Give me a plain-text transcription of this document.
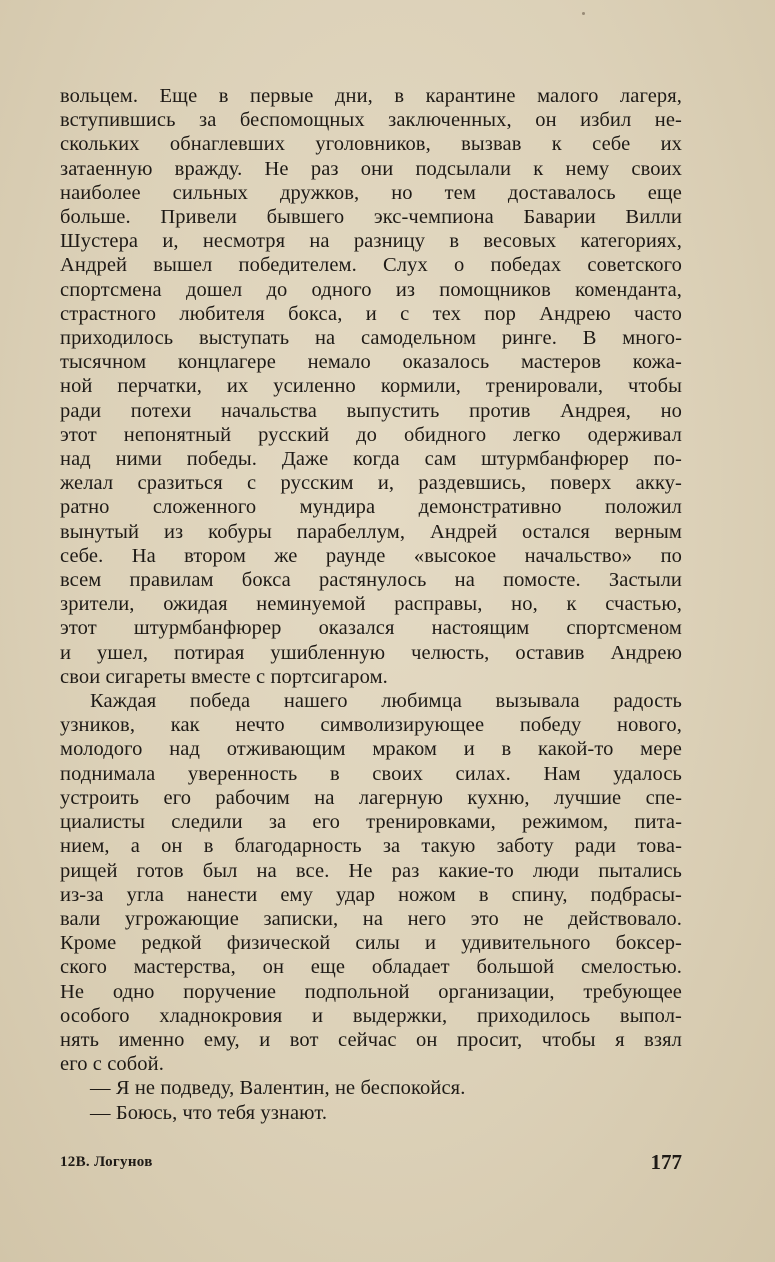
вольцем. Еще в первые дни, в карантине малого лагеря,
вступившись за беспомощных заключенных, он избил не-
скольких обнаглевших уголовников, вызвав к себе их
затаенную вражду. Не раз они подсылали к нему своих
наиболее сильных дружков, но тем доставалось еще
больше. Привели бывшего экс-чемпиона Баварии Вилли
Шустера и, несмотря на разницу в весовых категориях,
Андрей вышел победителем. Слух о победах советского
спортсмена дошел до одного из помощников коменданта,
страстного любителя бокса, и с тех пор Андрею часто
приходилось выступать на самодельном ринге. В много-
тысячном концлагере немало оказалось мастеров кожа-
ной перчатки, их усиленно кормили, тренировали, чтобы
ради потехи начальства выпустить против Андрея, но
этот непонятный русский до обидного легко одерживал
над ними победы. Даже когда сам штурмбанфюрер по-
желал сразиться с русским и, раздевшись, поверх акку-
ратно сложенного мундира демонстративно положил
вынутый из кобуры парабеллум, Андрей остался верным
себе. На втором же раунде «высокое начальство» по
всем правилам бокса растянулось на помосте. Застыли
зрители, ожидая неминуемой расправы, но, к счастью,
этот штурмбанфюрер оказался настоящим спортсменом
и ушел, потирая ушибленную челюсть, оставив Андрею
свои сигареты вместе с портсигаром.
Каждая победа нашего любимца вызывала радость
узников, как нечто символизирующее победу нового,
молодого над отживающим мраком и в какой-то мере
поднимала уверенность в своих силах. Нам удалось
устроить его рабочим на лагерную кухню, лучшие спе-
циалисты следили за его тренировками, режимом, пита-
нием, а он в благодарность за такую заботу ради това-
рищей готов был на все. Не раз какие-то люди пытались
из-за угла нанести ему удар ножом в спину, подбрасы-
вали угрожающие записки, на него это не действовало.
Кроме редкой физической силы и удивительного боксер-
ского мастерства, он еще обладает большой смелостью.
Не одно поручение подпольной организации, требующее
особого хладнокровия и выдержки, приходилось выпол-
нять именно ему, и вот сейчас он просит, чтобы я взял
его с собой.
— Я не подведу, Валентин, не беспокойся.
— Боюсь, что тебя узнают.
12В. Логунов	177
